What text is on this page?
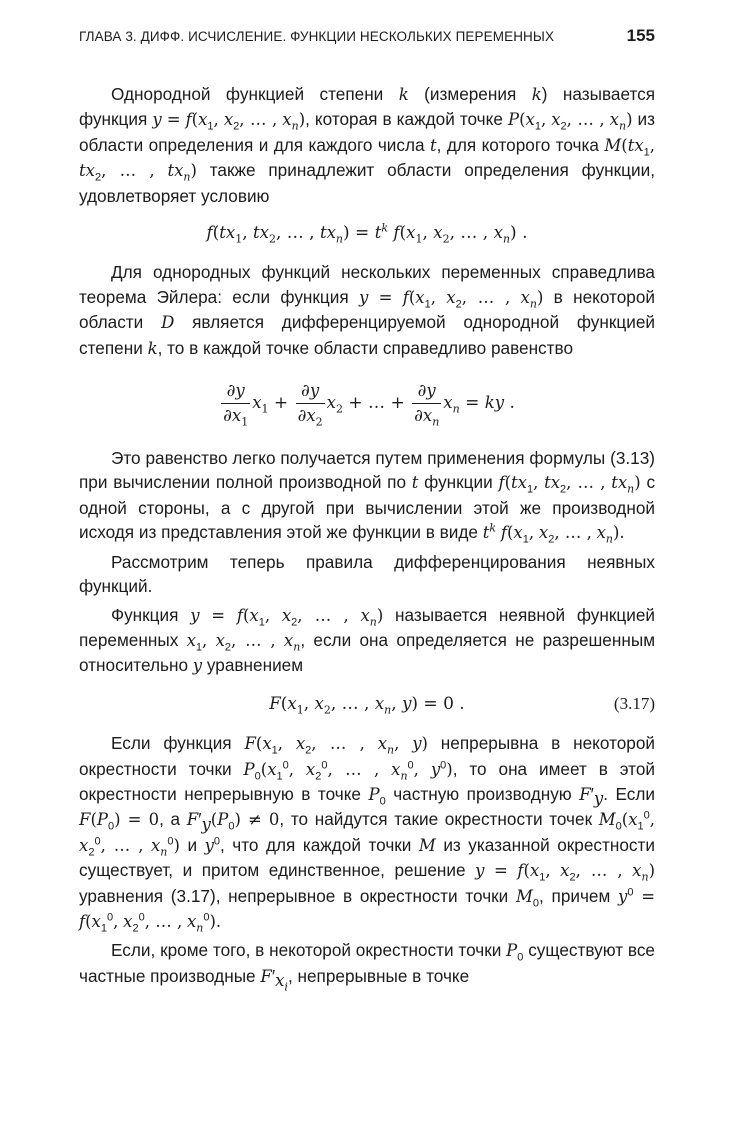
ГЛАВА 3. ДИФФ. ИСЧИСЛЕНИЕ. ФУНКЦИИ НЕСКОЛЬКИХ ПЕРЕМЕННЫХ	155

Однородной функцией степени k (измерения k) называется функция $y = f(x_1$, $x_2$, … , $x_n$), которая в каждой точке $P(x_1$, $x_2$, … , $x_n$) из области определения и для каждого числа t, для которого точка $M(tx_1$, $tx_2$, … , $tx_n$) также принадлежит области определения функции, удовлетворяет условию

$f(tx_1$, $tx_2$, … , $tx_n) = t^k$ $f(x_1$, $x_2$, … , $x_n$) .

Для однородных функций нескольких переменных справедлива теорема Эйлера: если функция $y = f(x_1$, $x_2$, … , $x_n$) в некоторой области D является дифференцируемой однородной функцией степени k, то в каждой точке области справедливо равенство

$\frac{\partial y}{\partial x_1} x_1 + \frac{\partial y}{\partial x_2} x_2$ + … + $\frac{\partial y}{\partial x_n} x_n$ = ky .

Это равенство легко получается путем применения формулы (3.13) при вычислении полной производной по t функции $f(tx_1$, $tx_2$, … , $tx_n$) с одной стороны, а с другой при вычислении этой же производной исходя из представления этой же функции в виде $t^k$ $f(x_1$, $x_2$, … , $x_n$).

Рассмотрим теперь правила дифференцирования неявных функций.

Функция $y = f(x_1$, $x_2$, … , $x_n$) называется неявной функцией переменных $x_1$, $x_2$, … , $x_n$, если она определяется не разрешенным относительно y уравнением

$F(x_1$, $x_2$, … , $x_n$, y) = 0 .	(3.17)

Если функция $F(x_1$, $x_2$, … , $x_n$, y) непрерывна в некоторой окрестности точки $P_0(x_1^0$, $x_2^0$, … , $x_n^0$, $y^0$), то она имеет в этой окрестности непрерывную в точке $P_0$ частную производную $F'_y$. Если $F(P_0) = 0$, а $F'_y(P_0) \ne 0$, то найдутся такие окрестности точек $M_0(x_1^0$, $x_2^0$, … , $x_n^0$) и $y^0$, что для каждой точки M из указанной окрестности существует, и притом единственное, решение $y = f(x_1$, $x_2$, … , $x_n$) уравнения (3.17), непрерывное в окрестности точки $M_0$, причем $y^0 = f(x_1^0$, $x_2^0$, … , $x_n^0$).

Если, кроме того, в некоторой окрестности точки $P_0$ существуют все частные производные $F'_{x_i}$, непрерывные в точке
